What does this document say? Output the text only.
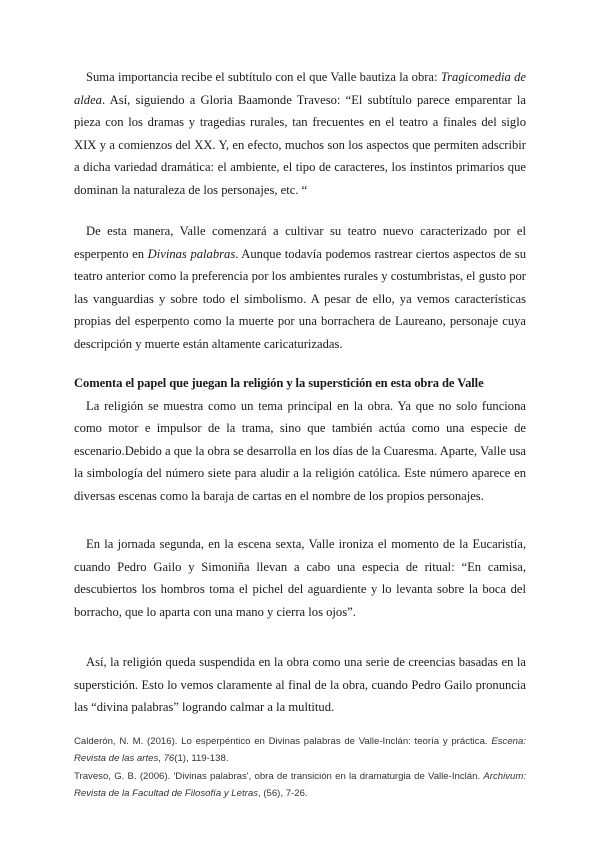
Suma importancia recibe el subtítulo con el que Valle bautiza la obra: Tragicomedia de aldea. Así, siguiendo a Gloria Baamonde Traveso: “El subtítulo parece emparentar la pieza con los dramas y tragedias rurales, tan frecuentes en el teatro a finales del siglo XIX y a comienzos del XX. Y, en efecto, muchos son los aspectos que permiten adscribir a dicha variedad dramática: el ambiente, el tipo de caracteres, los instintos primarios que dominan la naturaleza de los personajes, etc. “

De esta manera, Valle comenzará a cultivar su teatro nuevo caracterizado por el esperpento en Divinas palabras. Aunque todavía podemos rastrear ciertos aspectos de su teatro anterior como la preferencia por los ambientes rurales y costumbristas, el gusto por las vanguardias y sobre todo el simbolismo. A pesar de ello, ya vemos características propias del esperpento como la muerte por una borrachera de Laureano, personaje cuya descripción y muerte están altamente caricaturizadas.

Comenta el papel que juegan la religión y la superstición en esta obra de Valle

La religión se muestra como un tema principal en la obra. Ya que no solo funciona como motor e impulsor de la trama, sino que también actúa como una especie de escenario.Debido a que la obra se desarrolla en los días de la Cuaresma. Aparte, Valle usa la simbología del número siete para aludir a la religión católica. Este número aparece en diversas escenas como la baraja de cartas en el nombre de los propios personajes.

En la jornada segunda, en la escena sexta, Valle ironiza el momento de la Eucaristía, cuando Pedro Gailo y Simoniña llevan a cabo una especia de ritual: “En camisa, descubiertos los hombros toma el pichel del aguardiente y lo levanta sobre la boca del borracho, que lo aparta con una mano y cierra los ojos”.

Así, la religión queda suspendida en la obra como una serie de creencias basadas en la superstición. Esto lo vemos claramente al final de la obra, cuando Pedro Gailo pronuncia las “divina palabras” logrando calmar a la multitud.

Calderón, N. M. (2016). Lo esperpéntico en Divinas palabras de Valle-Inclán: teoría y práctica. Escena: Revista de las artes, 76(1), 119-138.

Traveso, G. B. (2006). 'Divinas palabras', obra de transición en la dramaturgia de Valle-Inclán. Archivum: Revista de la Facultad de Filosofía y Letras, (56), 7-26.
